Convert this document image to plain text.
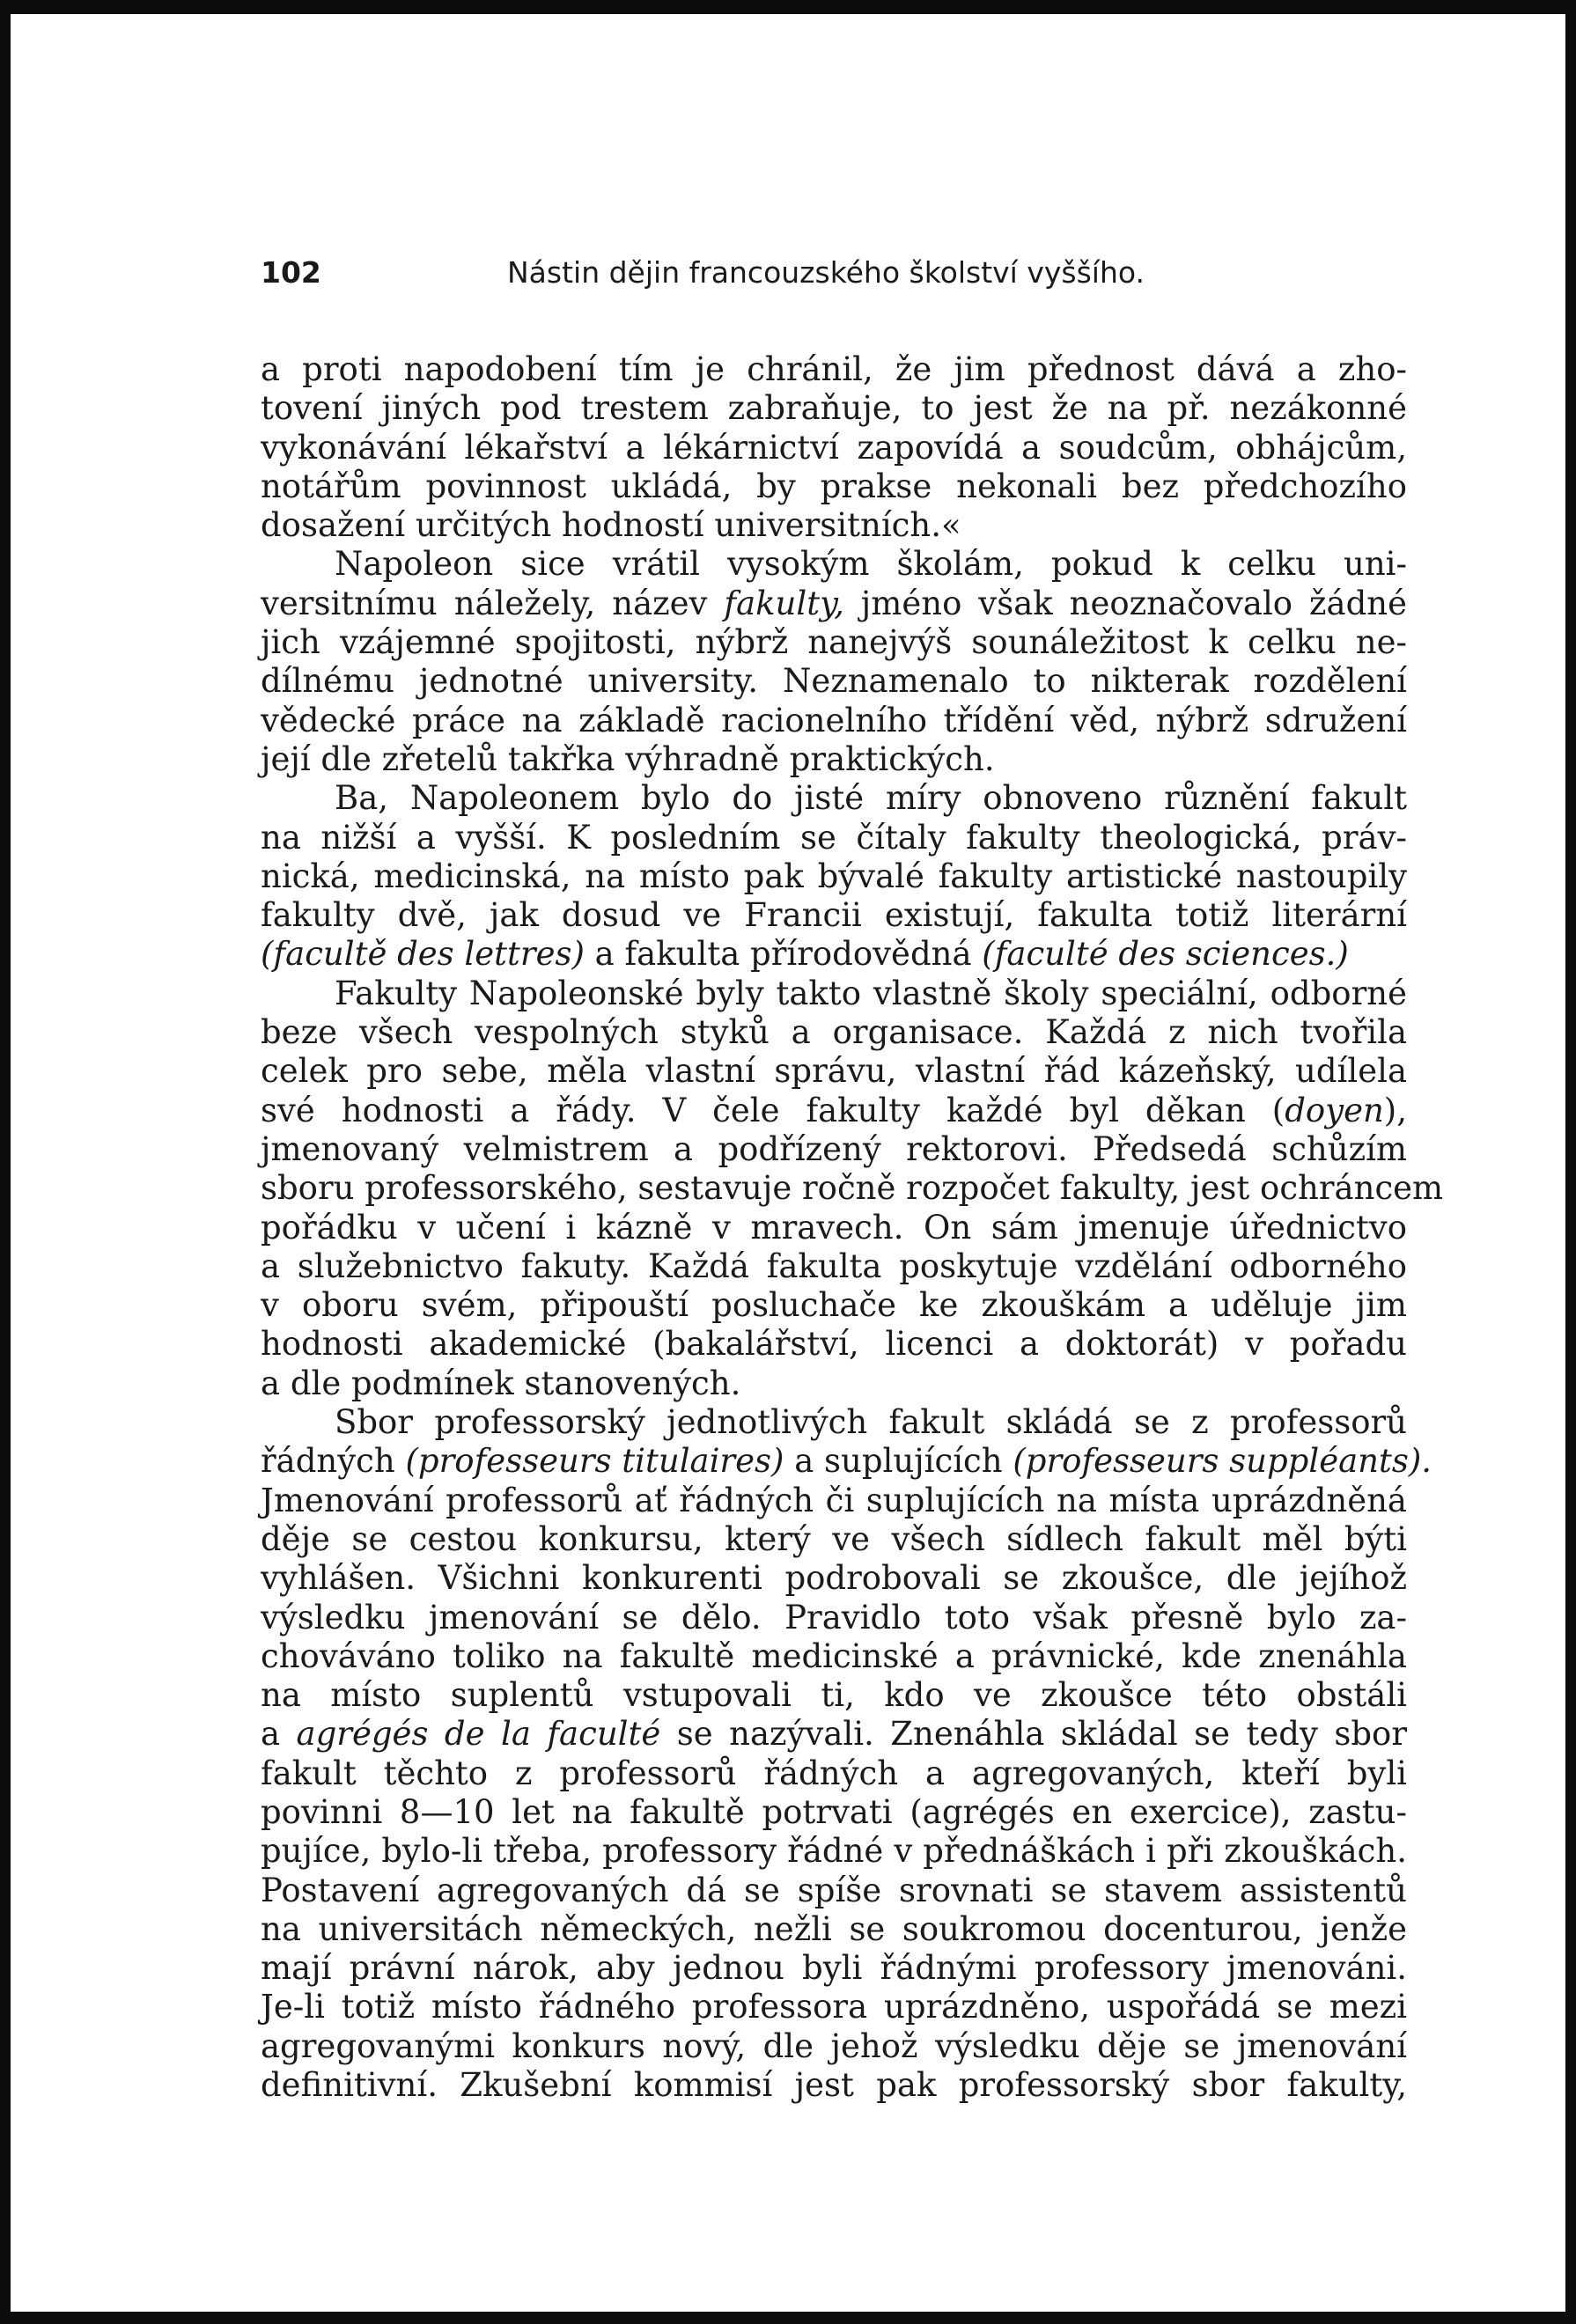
102	Nástin dějin francouzského školství vyššího.
a proti napodobení tím je chránil, že jim přednost dává a zho-
tovení jiných pod trestem zabraňuje, to jest že na př. nezákonné
vykonávání lékařství a lékárnictví zapovídá a soudcům, obhájcům,
notářům povinnost ukládá, by prakse nekonali bez předchozího
dosažení určitých hodností universitních.«
Napoleon sice vrátil vysokým školám, pokud k celku uni-
versitnímu náležely, název fakulty, jméno však neoznačovalo žádné
jich vzájemné spojitosti, nýbrž nanejvýš sounáležitost k celku ne-
dílnému jednotné university. Neznamenalo to nikterak rozdělení
vědecké práce na základě racionelního třídění věd, nýbrž sdružení
její dle zřetelů takřka výhradně praktických.
Ba, Napoleonem bylo do jisté míry obnoveno různění fakult
na nižší a vyšší. K posledním se čítaly fakulty theologická, práv-
nická, medicinská, na místo pak bývalé fakulty artistické nastoupily
fakulty dvě, jak dosud ve Francii existují, fakulta totiž literární
(facultě des lettres) a fakulta přírodovědná (faculté des sciences.)
Fakulty Napoleonské byly takto vlastně školy speciální, odborné
beze všech vespolných styků a organisace. Každá z nich tvořila
celek pro sebe, měla vlastní správu, vlastní řád kázeňský, udílela
své hodnosti a řády. V čele fakulty každé byl děkan (doyen),
jmenovaný velmistrem a podřízený rektorovi. Předsedá schůzím
sboru professorského, sestavuje ročně rozpočet fakulty, jest ochráncem
pořádku v učení i kázně v mravech. On sám jmenuje úřednictvo
a služebnictvo fakuty. Každá fakulta poskytuje vzdělání odborného
v oboru svém, připouští posluchače ke zkouškám a uděluje jim
hodnosti akademické (bakalářství, licenci a doktorát) v pořadu
a dle podmínek stanovených.
Sbor professorský jednotlivých fakult skládá se z professorů
řádných (professeurs titulaires) a suplujících (professeurs suppléants).
Jmenování professorů ať řádných či suplujících na místa uprázdněná
děje se cestou konkursu, který ve všech sídlech fakult měl býti
vyhlášen. Všichni konkurenti podrobovali se zkoušce, dle jejíhož
výsledku jmenování se dělo. Pravidlo toto však přesně bylo za-
chováváno toliko na fakultě medicinské a právnické, kde znenáhla
na místo suplentů vstupovali ti, kdo ve zkoušce této obstáli
a agrégés de la faculté se nazývali. Znenáhla skládal se tedy sbor
fakult těchto z professorů řádných a agregovaných, kteří byli
povinni 8—10 let na fakultě potrvati (agrégés en exercice), zastu-
pujíce, bylo-li třeba, professory řádné v přednáškách i při zkouškách.
Postavení agregovaných dá se spíše srovnati se stavem assistentů
na universitách německých, nežli se soukromou docenturou, jenže
mají právní nárok, aby jednou byli řádnými professory jmenováni.
Je-li totiž místo řádného professora uprázdněno, uspořádá se mezi
agregovanými konkurs nový, dle jehož výsledku děje se jmenování
definitivní. Zkušební kommisí jest pak professorský sbor fakulty,
